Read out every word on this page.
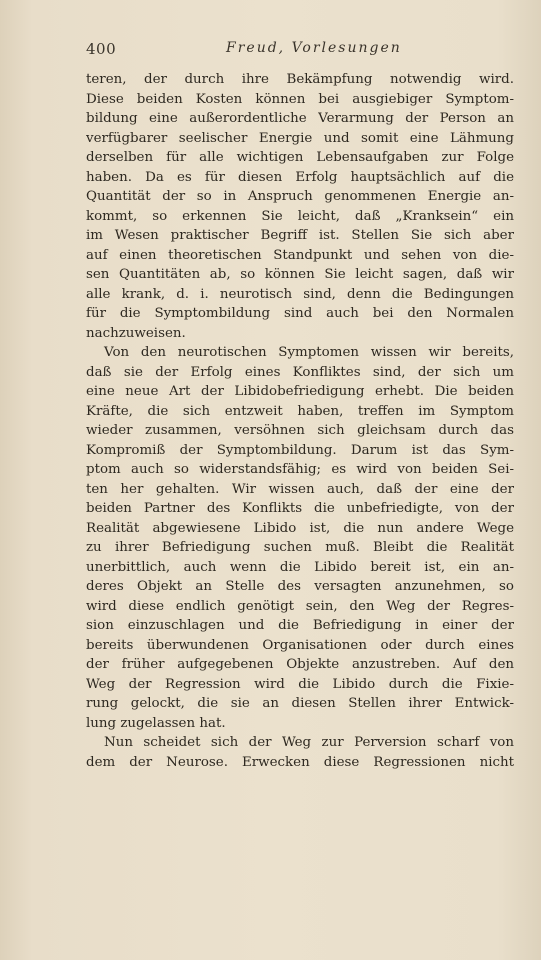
400	Freud, Vorlesungen
teren, der durch ihre Bekämpfung notwendig wird.
Diese beiden Kosten können bei ausgiebiger Symptom-
bildung eine außerordentliche Verarmung der Person an
verfügbarer seelischer Energie und somit eine Lähmung
derselben für alle wichtigen Lebensaufgaben zur Folge
haben. Da es für diesen Erfolg hauptsächlich auf die
Quantität der so in Anspruch genommenen Energie an-
kommt, so erkennen Sie leicht, daß „Kranksein“ ein
im Wesen praktischer Begriff ist. Stellen Sie sich aber
auf einen theoretischen Standpunkt und sehen von die-
sen Quantitäten ab, so können Sie leicht sagen, daß wir
alle krank, d. i. neurotisch sind, denn die Bedingungen
für die Symptombildung sind auch bei den Normalen
nachzuweisen.
Von den neurotischen Symptomen wissen wir bereits,
daß sie der Erfolg eines Konfliktes sind, der sich um
eine neue Art der Libidobefriedigung erhebt. Die beiden
Kräfte, die sich entzweit haben, treffen im Symptom
wieder zusammen, versöhnen sich gleichsam durch das
Kompromiß der Symptombildung. Darum ist das Sym-
ptom auch so widerstandsfähig; es wird von beiden Sei-
ten her gehalten. Wir wissen auch, daß der eine der
beiden Partner des Konflikts die unbefriedigte, von der
Realität abgewiesene Libido ist, die nun andere Wege
zu ihrer Befriedigung suchen muß. Bleibt die Realität
unerbittlich, auch wenn die Libido bereit ist, ein an-
deres Objekt an Stelle des versagten anzunehmen, so
wird diese endlich genötigt sein, den Weg der Regres-
sion einzuschlagen und die Befriedigung in einer der
bereits überwundenen Organisationen oder durch eines
der früher aufgegebenen Objekte anzustreben. Auf den
Weg der Regression wird die Libido durch die Fixie-
rung gelockt, die sie an diesen Stellen ihrer Entwick-
lung zugelassen hat.
Nun scheidet sich der Weg zur Perversion scharf von
dem der Neurose. Erwecken diese Regressionen nicht
